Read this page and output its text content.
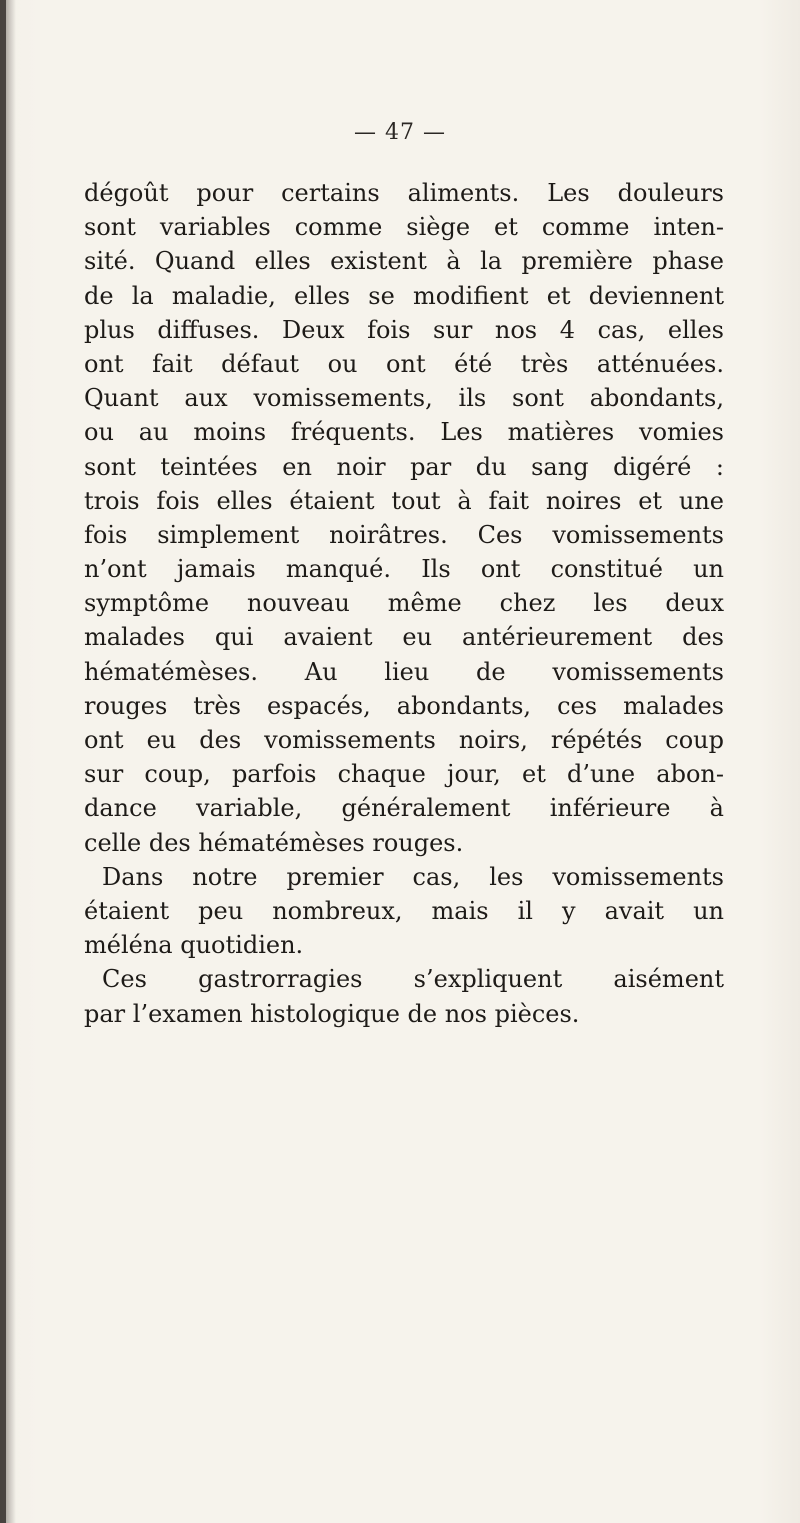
— 47 —
dégoût pour certains aliments. Les douleurs
sont variables comme siège et comme inten-
sité. Quand elles existent à la première phase
de la maladie, elles se modifient et deviennent
plus diffuses. Deux fois sur nos 4 cas, elles
ont fait défaut ou ont été très atténuées.
Quant aux vomissements, ils sont abondants,
ou au moins fréquents. Les matières vomies
sont teintées en noir par du sang digéré :
trois fois elles étaient tout à fait noires et une
fois simplement noirâtres. Ces vomissements
n’ont jamais manqué. Ils ont constitué un
symptôme nouveau même chez les deux
malades qui avaient eu antérieurement des
hématémèses. Au lieu de vomissements
rouges très espacés, abondants, ces malades
ont eu des vomissements noirs, répétés coup
sur coup, parfois chaque jour, et d’une abon-
dance variable, généralement inférieure à
celle des hématémèses rouges.
Dans notre premier cas, les vomissements
étaient peu nombreux, mais il y avait un
méléna quotidien.
Ces gastrorragies s’expliquent aisément
par l’examen histologique de nos pièces.
